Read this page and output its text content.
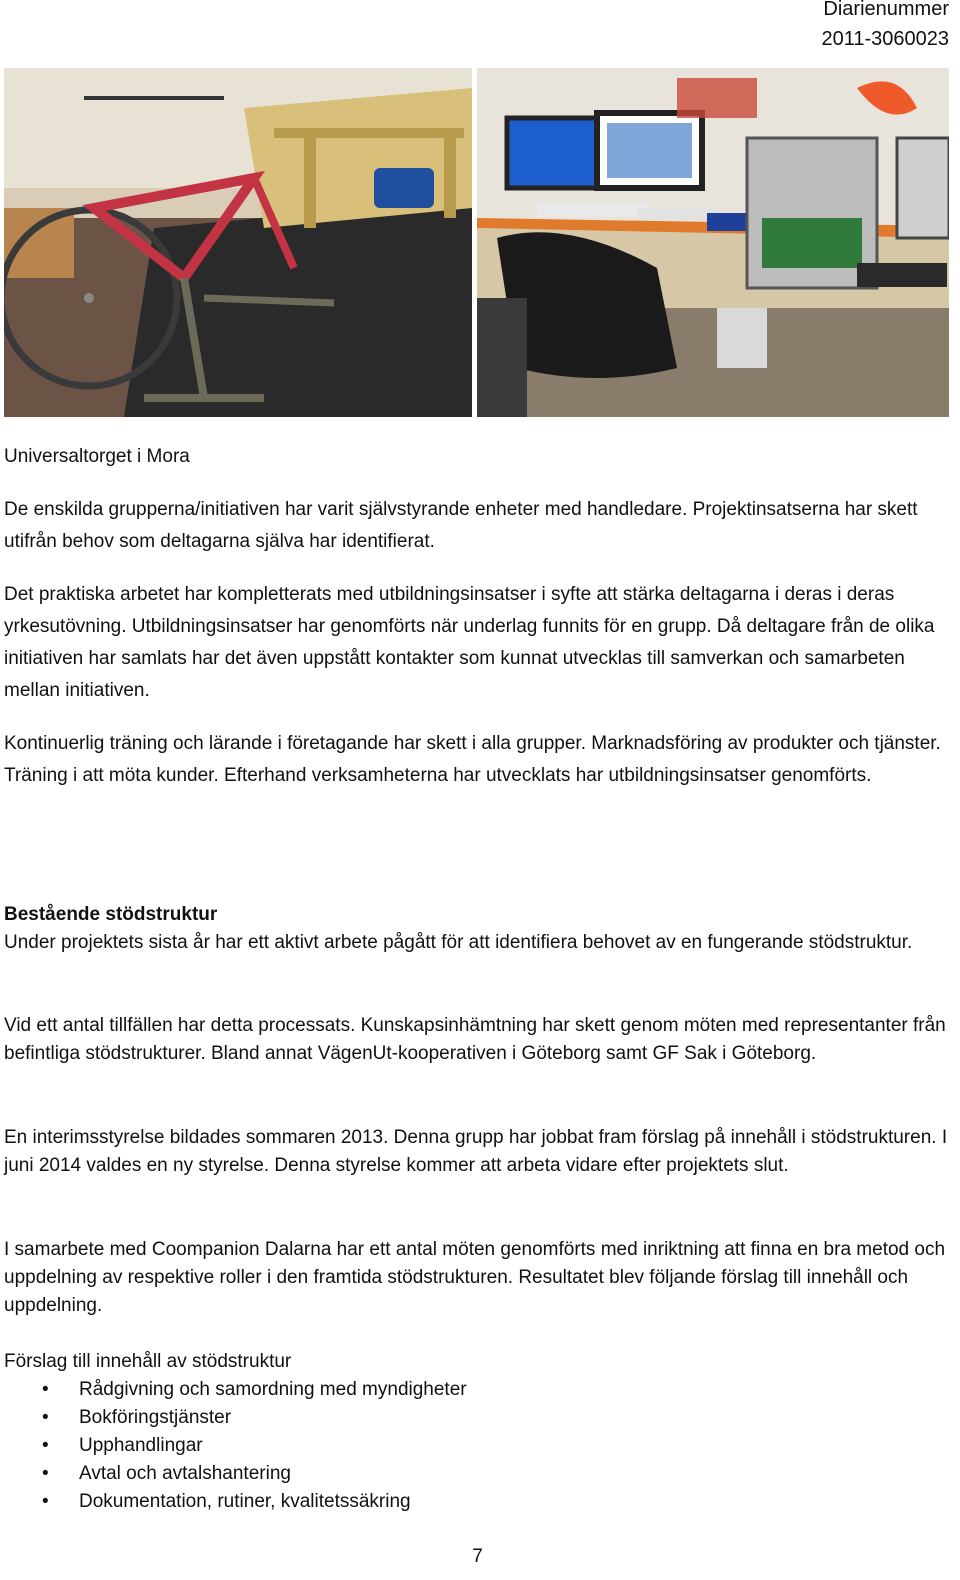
Diarienummer
2011-3060023

Universaltorget i Mora

De enskilda grupperna/initiativen har varit självstyrande enheter med handledare. Projektinsatserna har skett utifrån behov som deltagarna själva har identifierat.

Det praktiska arbetet har kompletterats med utbildningsinsatser i syfte att stärka deltagarna i deras i deras yrkesutövning. Utbildningsinsatser har genomförts när underlag funnits för en grupp. Då deltagare från de olika initiativen har samlats har det även uppstått kontakter som kunnat utvecklas till samverkan och samarbeten mellan initiativen.

Kontinuerlig träning och lärande i företagande har skett i alla grupper. Marknadsföring av produkter och tjänster. Träning i att möta kunder. Efterhand verksamheterna har utvecklats har utbildningsinsatser genomförts.

Bestående stödstruktur
Under projektets sista år har ett aktivt arbete pågått för att identifiera behovet av en fungerande stödstruktur.

Vid ett antal tillfällen har detta processats. Kunskapsinhämtning har skett genom möten med representanter från befintliga stödstrukturer. Bland annat VägenUt-kooperativen i Göteborg samt GF Sak i Göteborg.

En interimsstyrelse bildades sommaren 2013. Denna grupp har jobbat fram förslag på innehåll i stödstrukturen. I juni 2014 valdes en ny styrelse. Denna styrelse kommer att arbeta vidare efter projektets slut.

I samarbete med Coompanion Dalarna har ett antal möten genomförts med inriktning att finna en bra metod och uppdelning av respektive roller i den framtida stödstrukturen. Resultatet blev följande förslag till innehåll och uppdelning.

Förslag till innehåll av stödstruktur

• Rådgivning och samordning med myndigheter
• Bokföringstjänster
• Upphandlingar
• Avtal och avtalshantering
• Dokumentation, rutiner, kvalitetssäkring
7
